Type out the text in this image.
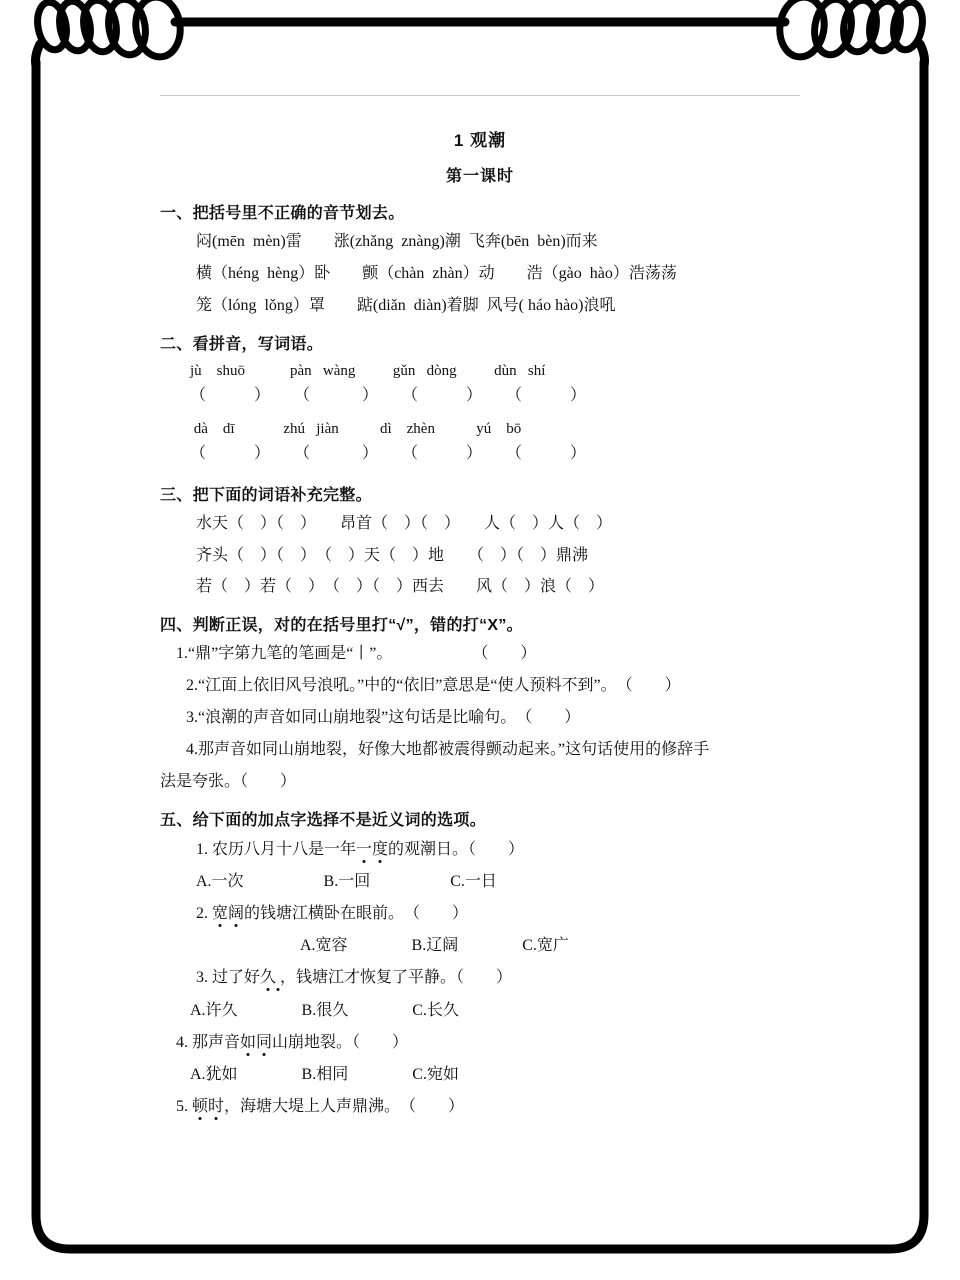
1 观潮
第一课时
一、把括号里不正确的音节划去。
闷(mēn  mèn)雷　　涨(zhǎng  znàng)潮  飞奔(bēn  bèn)而来
横（héng  hèng）卧　　颤（chàn  zhàn）动　　浩（gào  hào）浩荡荡
笼（lóng  lǒng）罩　　踮(diǎn  diàn)着脚  风号( háo hào)浪吼
二、看拼音，写词语。
jù    shuō            pàn   wàng          gǔn   dòng          dùn   shí
（            ）      （             ）      （            ）      （            ）
dà    dī             zhú   jiàn           dì    zhèn           yú    bō
（            ）      （             ）      （            ）      （            ）
三、把下面的词语补充完整。
水天（    ）（    ）　　昂首（    ）（    ）　　人（    ）人（    ）
齐头（    ）（    ）　（    ）天（    ）地　　（    ）（    ）鼎沸
若（    ）若（    ）　（    ）（    ）西去　　风（    ）浪（    ）
四、判断正误，对的在括号里打“√”，错的打“X”。
1.“鼎”字第九笔的笔画是“丨”。　　　　　　（        ）
2.“江面上依旧风号浪吼。”中的“依旧”意思是“使人预料不到”。　（        ）
3.“浪潮的声音如同山崩地裂”这句话是比喻句。　（        ）
4.那声音如同山崩地裂，好像大地都被震得颤动起来。”这句话使用的修辞手
法是夸张。（        ）
五、给下面的加点字选择不是近义词的选项。
1. 农历八月十八是一年一度的观潮日。（        ）
A.一次　　　　　B.一回　　　　　C.一日
2. 宽阔的钱塘江横卧在眼前。　（        ）
A.宽容　　　　B.辽阔　　　　C.宽广
3. 过了好久 ，钱塘江才恢复了平静。（        ）
A.许久　　　　B.很久　　　　C.长久
4. 那声音如同山崩地裂。（        ）
A.犹如　　　　B.相同　　　　C.宛如
5. 顿时，海塘大堤上人声鼎沸。　（        ）
